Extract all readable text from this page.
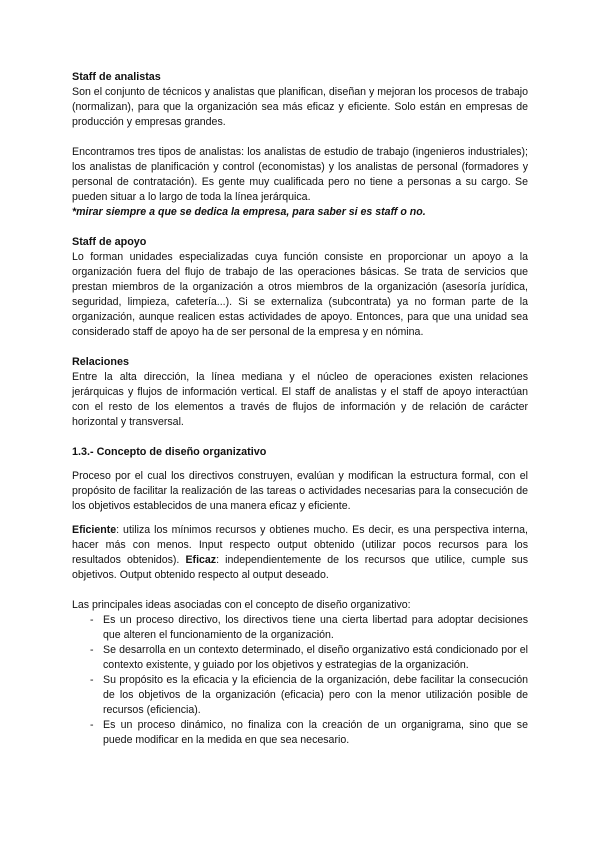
Staff de analistas

Son el conjunto de técnicos y analistas que planifican, diseñan y mejoran los procesos de trabajo (normalizan), para que la organización sea más eficaz y eficiente. Solo están en empresas de producción y empresas grandes.

Encontramos tres tipos de analistas: los analistas de estudio de trabajo (ingenieros industriales); los analistas de planificación y control (economistas) y los analistas de personal (formadores y personal de contratación). Es gente muy cualificada pero no tiene a personas a su cargo. Se pueden situar a lo largo de toda la línea jerárquica.

*mirar siempre a que se dedica la empresa, para saber si es staff o no.

Staff de apoyo

Lo forman unidades especializadas cuya función consiste en proporcionar un apoyo a la organización fuera del flujo de trabajo de las operaciones básicas. Se trata de servicios que prestan miembros de la organización a otros miembros de la organización (asesoría jurídica, seguridad, limpieza, cafetería...). Si se externaliza (subcontrata) ya no forman parte de la organización, aunque realicen estas actividades de apoyo. Entonces, para que una unidad sea considerado staff de apoyo ha de ser personal de la empresa y en nómina.

Relaciones

Entre la alta dirección, la línea mediana y el núcleo de operaciones existen relaciones jerárquicas y flujos de información vertical. El staff de analistas y el staff de apoyo interactúan con el resto de los elementos a través de flujos de información y de relación de carácter horizontal y transversal.

1.3.- Concepto de diseño organizativo

Proceso por el cual los directivos construyen, evalúan y modifican la estructura formal, con el propósito de facilitar la realización de las tareas o actividades necesarias para la consecución de los objetivos establecidos de una manera eficaz y eficiente.

Eficiente: utiliza los mínimos recursos y obtienes mucho. Es decir, es una perspectiva interna, hacer más con menos. Input respecto output obtenido (utilizar pocos recursos para los resultados obtenidos). Eficaz: independientemente de los recursos que utilice, cumple sus objetivos. Output obtenido respecto al output deseado.

Las principales ideas asociadas con el concepto de diseño organizativo:

- Es un proceso directivo, los directivos tiene una cierta libertad para adoptar decisiones que alteren el funcionamiento de la organización.
- Se desarrolla en un contexto determinado, el diseño organizativo está condicionado por el contexto existente, y guiado por los objetivos y estrategias de la organización.
- Su propósito es la eficacia y la eficiencia de la organización, debe facilitar la consecución de los objetivos de la organización (eficacia) pero con la menor utilización posible de recursos (eficiencia).
- Es un proceso dinámico, no finaliza con la creación de un organigrama, sino que se puede modificar en la medida en que sea necesario.
